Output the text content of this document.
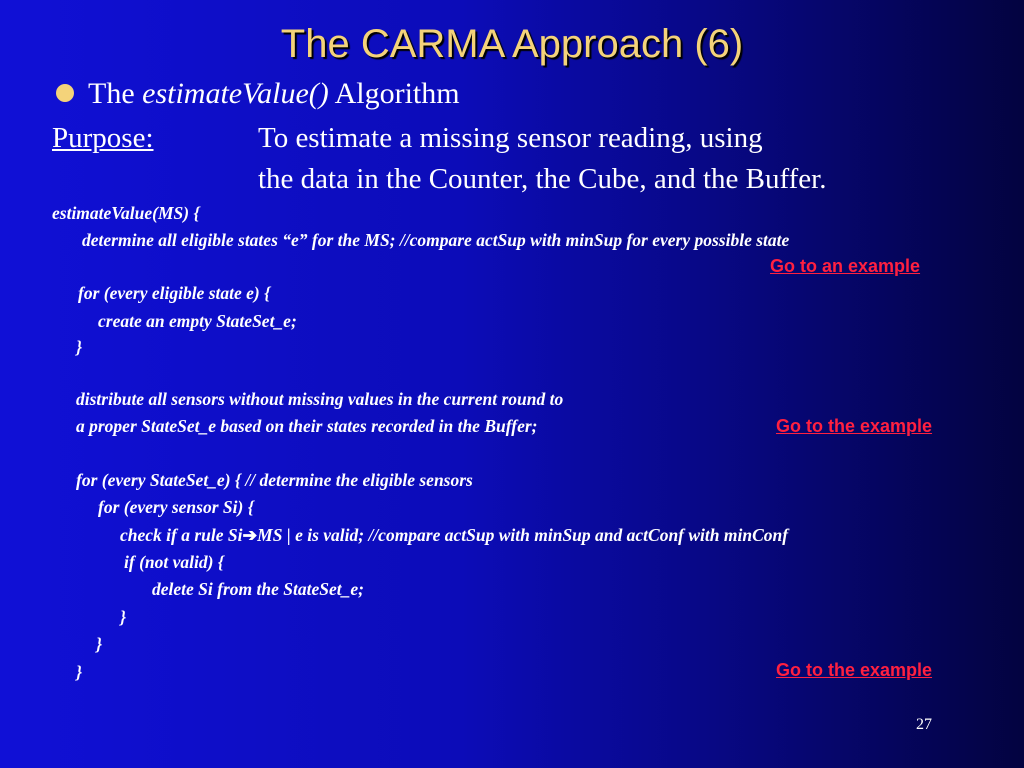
The CARMA Approach (6)
The estimateValue() Algorithm
Purpose:	To estimate a missing sensor reading, using
the data in the Counter, the Cube, and the Buffer.
estimateValue(MS) {
determine all eligible states “e” for the MS; //compare actSup with minSup for every possible state
Go to an example
for (every eligible state e) {
create an empty StateSet_e;
}
distribute all sensors without missing values in the current round to
a proper StateSet_e based on their states recorded in the Buffer;	Go to the example
for (every StateSet_e) { // determine the eligible sensors
for (every sensor Si) {
check if a rule Si➔MS | e is valid; //compare actSup with minSup and actConf with minConf
if (not valid) {
delete Si from the StateSet_e;
}
}
}	Go to the example
27
